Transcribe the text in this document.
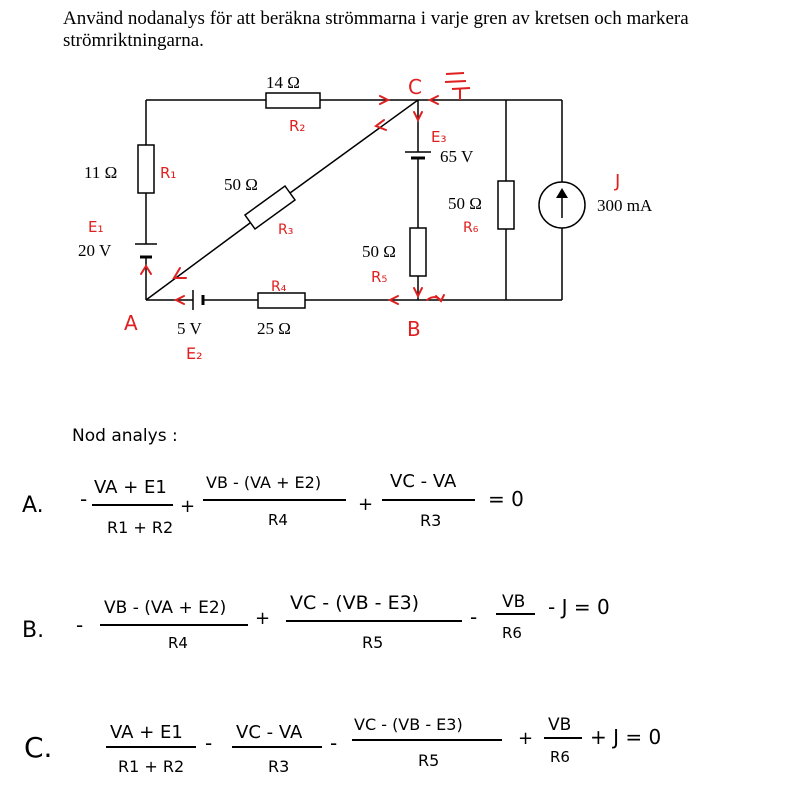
Använd nodanalys för att beräkna strömmarna i varje gren av kretsen och markera strömriktningarna.
14 Ω
11 Ω
50 Ω
20 V
65 V
50 Ω	300 mA
50 Ω
5 V	25 Ω
R₂
R₁
R₃
E₁
E₃
R₆
J
R₅
R₄
E₂
C
A	B
Nod analys :
A. - VA + E1
R1 + R2
+
VB - (VA + E2)
R4
+
VC - VA
R3
= 0
B. -
VB - (VA + E2)
R4
+
VC - (VB - E3)
R5
-
VB
R6
- J = 0
C.	VA + E1
R1 + R2
- VC - VA
R3
-
VC - (VB - E3)
R5
+
VB
R6
+ J = 0
